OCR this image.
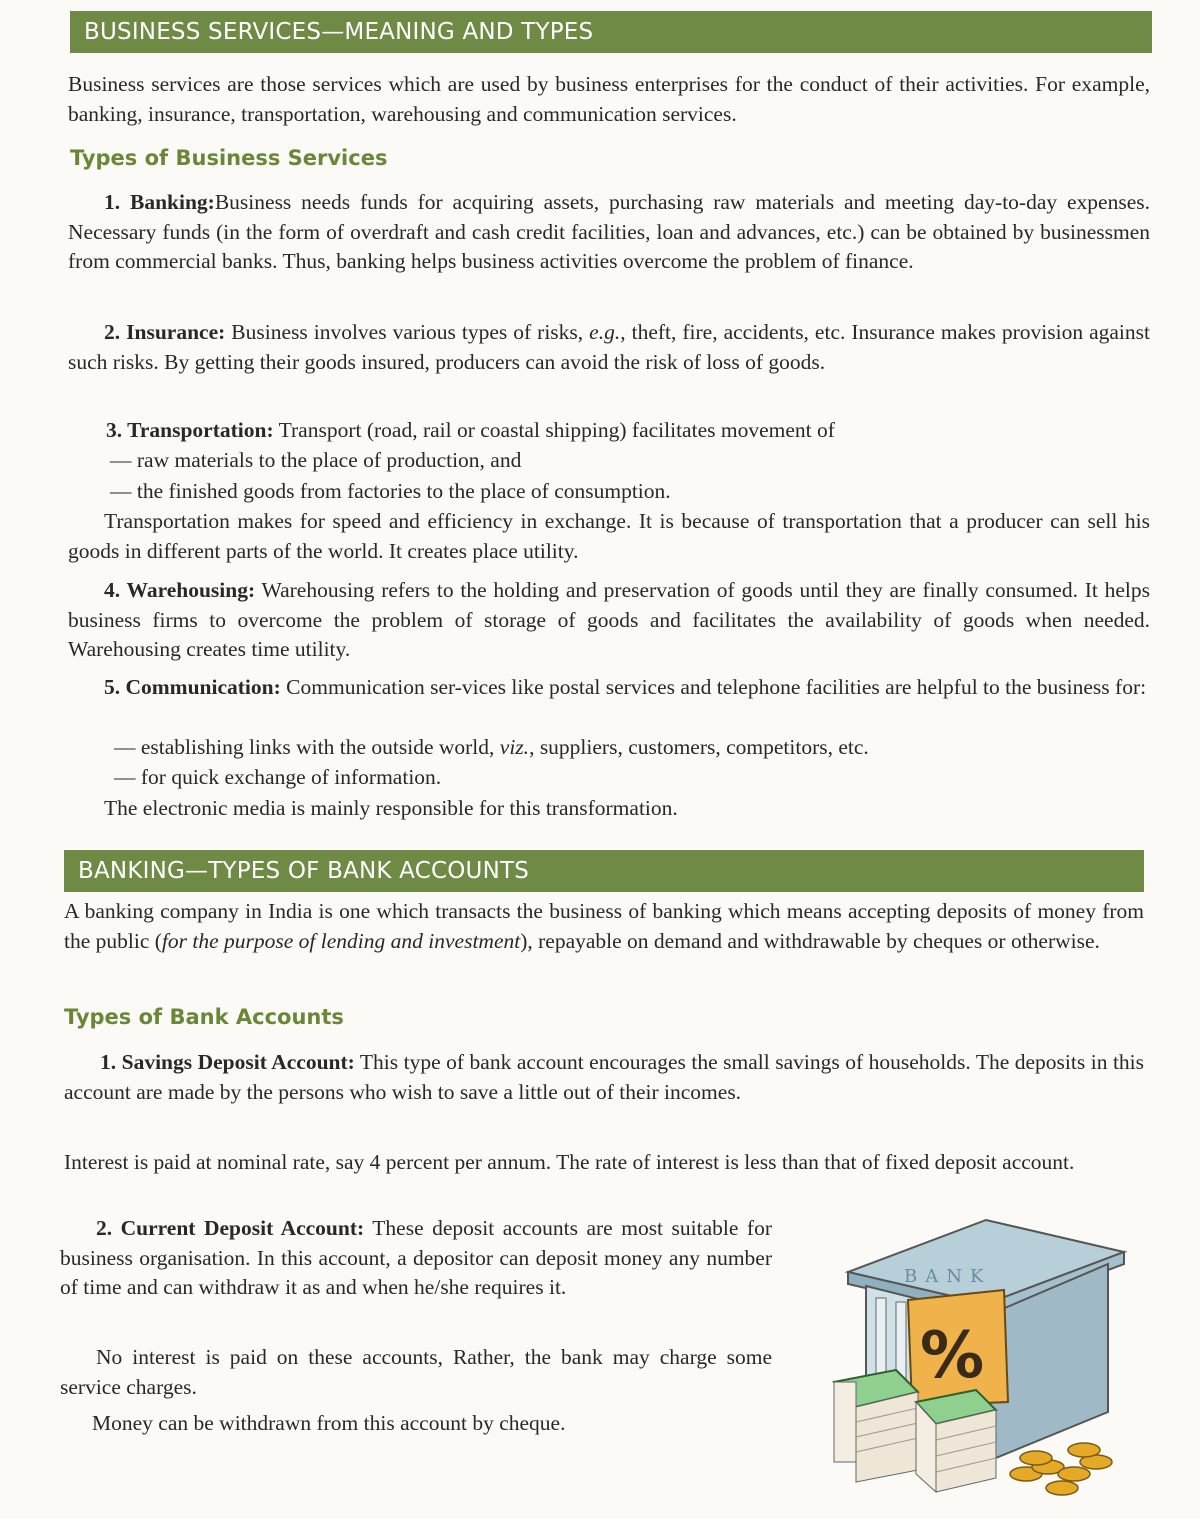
BUSINESS SERVICES—MEANING AND TYPES
Business services are those services which are used by business enterprises for the conduct of their activities. For example, banking, insurance, transportation, warehousing and communication services.
Types of Business Services
1. Banking:Business needs funds for acquiring assets, purchasing raw materials and meeting day-to-day expenses. Necessary funds (in the form of overdraft and cash credit facilities, loan and advances, etc.) can be obtained by businessmen from commercial banks. Thus, banking helps business activities overcome the problem of finance.
2. Insurance: Business involves various types of risks, e.g., theft, fire, accidents, etc. Insurance makes provision against such risks. By getting their goods insured, producers can avoid the risk of loss of goods.
3. Transportation: Transport (road, rail or coastal shipping) facilitates movement of
— raw materials to the place of production, and
— the finished goods from factories to the place of consumption.
Transportation makes for speed and efficiency in exchange. It is because of transportation that a producer can sell his goods in different parts of the world. It creates place utility.
4. Warehousing: Warehousing refers to the holding and preservation of goods until they are finally consumed. It helps business firms to overcome the problem of storage of goods and facilitates the availability of goods when needed. Warehousing creates time utility.
5. Communication: Communication ser-vices like postal services and telephone facilities are helpful to the business for:
— establishing links with the outside world, viz., suppliers, customers, competitors, etc.
— for quick exchange of information.
The electronic media is mainly responsible for this transformation.
BANKING—TYPES OF BANK ACCOUNTS
A banking company in India is one which transacts the business of banking which means accepting deposits of money from the public (for the purpose of lending and investment), repayable on demand and withdrawable by cheques or otherwise.
Types of Bank Accounts
1. Savings Deposit Account: This type of bank account encourages the small savings of households. The deposits in this account are made by the persons who wish to save a little out of their incomes.
Interest is paid at nominal rate, say 4 percent per annum. The rate of interest is less than that of fixed deposit account.
2. Current Deposit Account: These deposit accounts are most suitable for business organisation. In this account, a depositor can deposit money any number of time and can withdraw it as and when he/she requires it.
No interest is paid on these accounts, Rather, the bank may charge some service charges.
Money can be withdrawn from this account by cheque.
BANK
%
